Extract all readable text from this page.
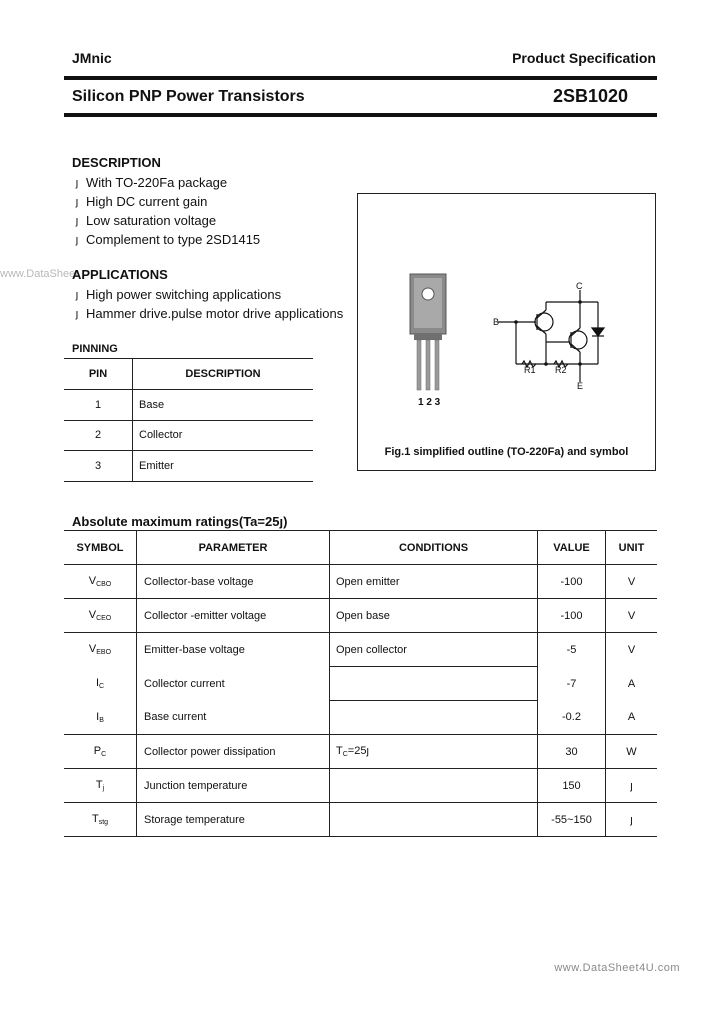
JMnic	Product Specification
Silicon PNP Power Transistors	2SB1020
DESCRIPTION
ȷ With TO-220Fa package
ȷ High DC current gain
ȷ Low saturation voltage
ȷ Complement to type 2SD1415
www.DataSheet
APPLICATIONS
ȷ High power switching applications
ȷ Hammer drive.pulse motor drive applications
PINNING
PIN	DESCRIPTION
1	Base
2	Collector
3	Emitter
1 2 3
B
C
E
R1 R2
Fig.1 simplified outline (TO-220Fa) and symbol
Absolute maximum ratings(Ta=25ȷ)
SYMBOL	PARAMETER	CONDITIONS	VALUE	UNIT
$V_{CBO}$	Collector-base voltage	Open emitter	-100	V
$V_{CEO}$	Collector -emitter voltage	Open base	-100	V
$V_{EBO}$	Emitter-base voltage	Open collector	-5	V
$I_C$	Collector current		-7	A
$I_B$	Base current		-0.2	A
$P_C$	Collector power dissipation	$T_C=25ȷ$	30	W
$T_j$	Junction temperature		150	ȷ
$T_{stg}$	Storage temperature		-55~150	ȷ
www.DataSheet4U.com
